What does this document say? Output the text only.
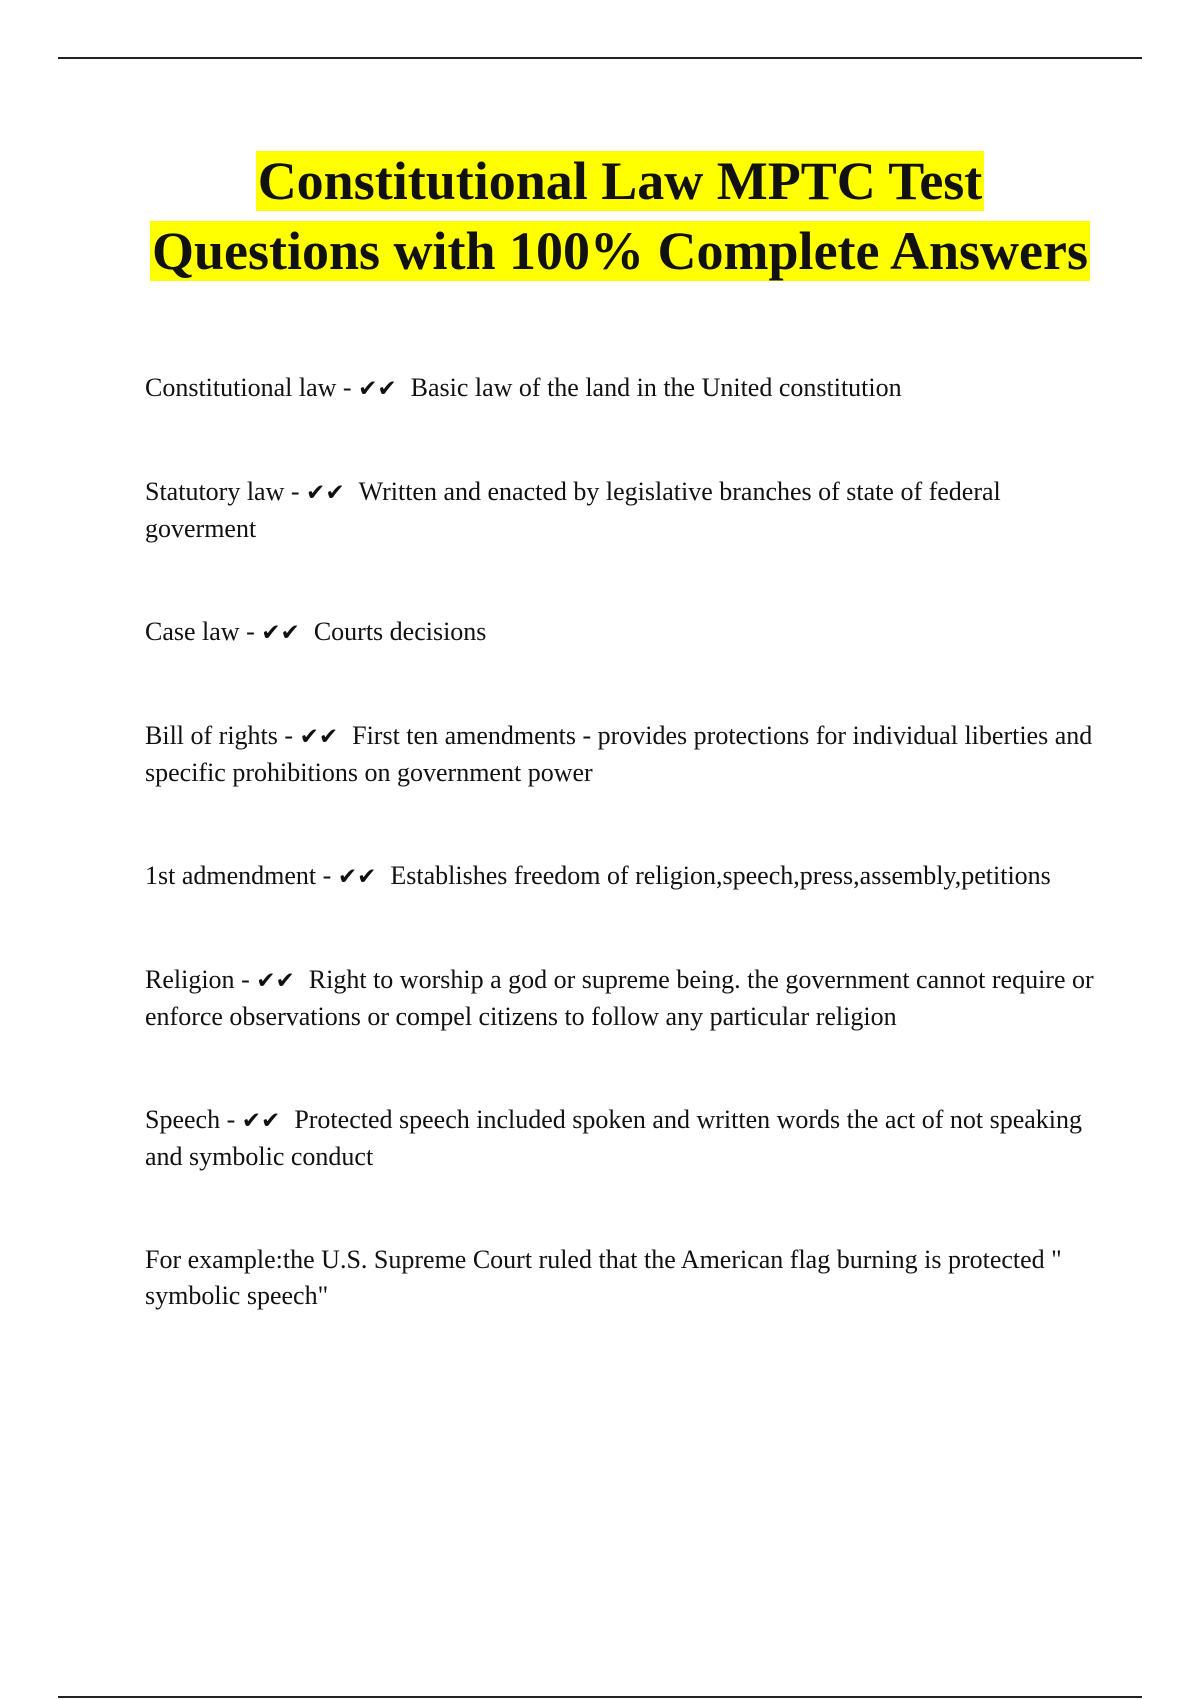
Constitutional Law MPTC Test Questions with 100% Complete Answers

Constitutional law - ✔✔ Basic law of the land in the United constitution

Statutory law - ✔✔ Written and enacted by legislative branches of state of federal goverment

Case law - ✔✔ Courts decisions

Bill of rights - ✔✔ First ten amendments - provides protections for individual liberties and specific prohibitions on government power

1st admendment - ✔✔ Establishes freedom of religion,speech,press,assembly,petitions

Religion - ✔✔ Right to worship a god or supreme being. the government cannot require or enforce observations or compel citizens to follow any particular religion

Speech - ✔✔ Protected speech included spoken and written words the act of not speaking and symbolic conduct

For example:the U.S. Supreme Court ruled that the American flag burning is protected " symbolic speech"
